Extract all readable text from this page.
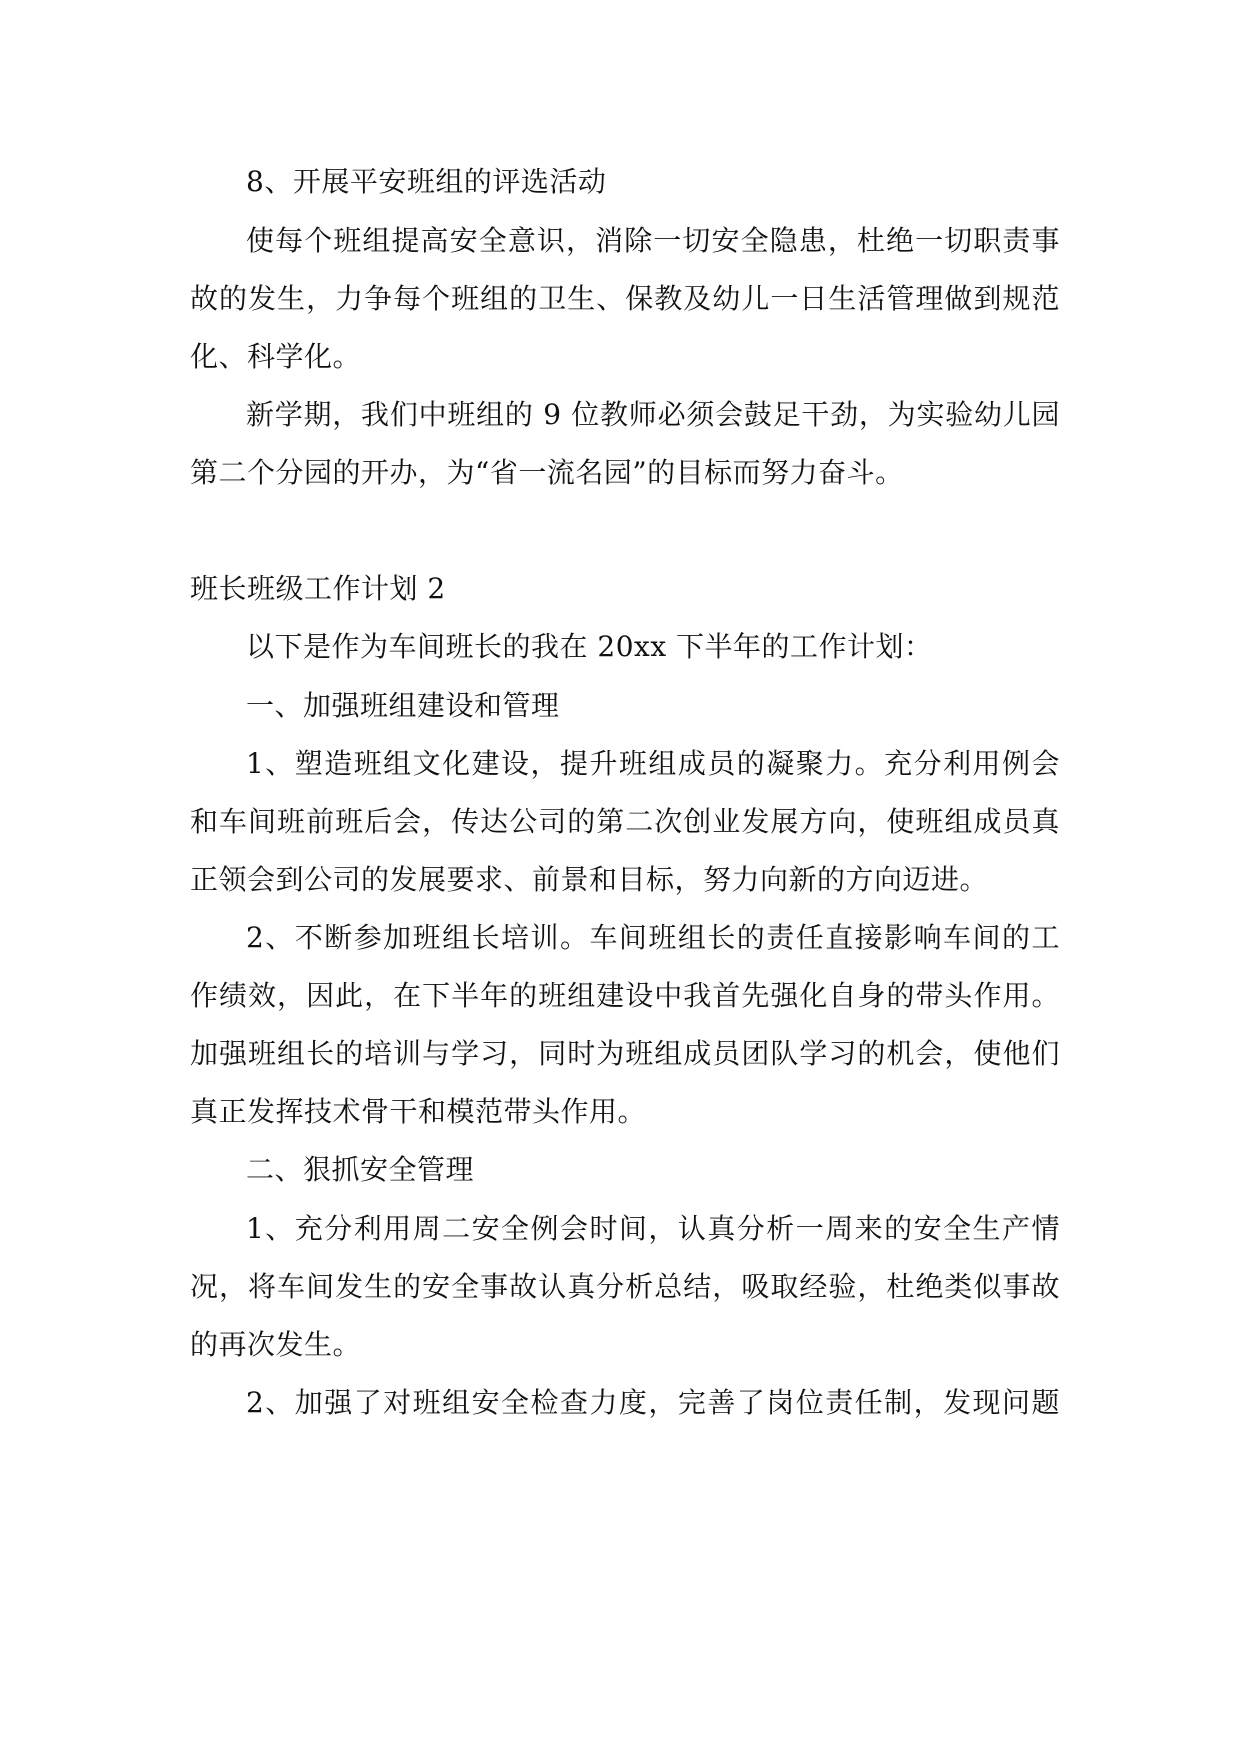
8、开展平安班组的评选活动

使每个班组提高安全意识，消除一切安全隐患，杜绝一切职责事

故的发生，力争每个班组的卫生、保教及幼儿一日生活管理做到规范

化、科学化。

新学期，我们中班组的 9 位教师必须会鼓足干劲，为实验幼儿园

第二个分园的开办，为“省一流名园”的目标而努力奋斗。

班长班级工作计划 2

以下是作为车间班长的我在 20xx 下半年的工作计划：

一、加强班组建设和管理

1、塑造班组文化建设，提升班组成员的凝聚力。充分利用例会

和车间班前班后会，传达公司的第二次创业发展方向，使班组成员真

正领会到公司的发展要求、前景和目标，努力向新的方向迈进。

2、不断参加班组长培训。车间班组长的责任直接影响车间的工

作绩效，因此，在下半年的班组建设中我首先强化自身的带头作用。

加强班组长的培训与学习，同时为班组成员团队学习的机会，使他们

真正发挥技术骨干和模范带头作用。

二、狠抓安全管理

1、充分利用周二安全例会时间，认真分析一周来的安全生产情

况，将车间发生的安全事故认真分析总结，吸取经验，杜绝类似事故

的再次发生。

2、加强了对班组安全检查力度，完善了岗位责任制，发现问题
